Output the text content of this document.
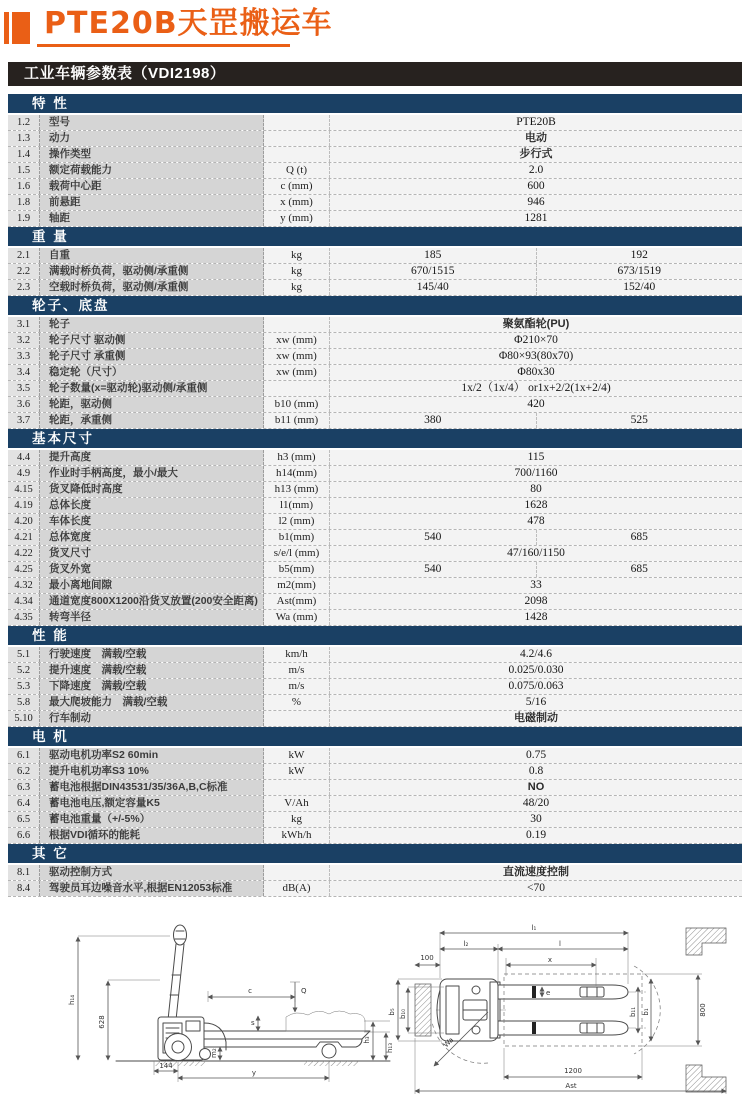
PTE20B天罡搬运车
工业车辆参数表（VDI2198）
特 性
1.2	型号	PTE20B
1.3	动力	电动
1.4	操作类型	步行式
1.5	额定荷载能力	Q (t)	2.0
1.6	载荷中心距	c (mm)	600
1.8	前悬距	x (mm)	946
1.9	轴距	y (mm)	1281
重 量
2.1	自重	kg	185	192
2.2	满载时桥负荷，驱动侧/承重侧	kg	670/1515	673/1519
2.3	空载时桥负荷，驱动侧/承重侧	kg	145/40	152/40
轮子、底盘
3.1	轮子	聚氨酯轮(PU)
3.2	轮子尺寸 驱动侧	xw (mm)	Φ210×70
3.3	轮子尺寸 承重侧	xw (mm)	Φ80×93(80x70)
3.4	稳定轮（尺寸）	xw (mm)	Φ80x30
3.5	轮子数量(x=驱动轮)驱动侧/承重侧	1x/2（1x/4） or1x+2/2(1x+2/4)
3.6	轮距，驱动侧	b10 (mm)	420
3.7	轮距，承重侧	b11 (mm)	380	525
基本尺寸
4.4	提升高度	h3 (mm)	115
4.9	作业时手柄高度，最小/最大	h14(mm)	700/1160
4.15	货叉降低时高度	h13 (mm)	80
4.19	总体长度	l1(mm)	1628
4.20	车体长度	l2 (mm)	478
4.21	总体宽度	b1(mm)	540	685
4.22	货叉尺寸	s/e/l (mm)	47/160/1150
4.25	货叉外宽	b5(mm)	540	685
4.32	最小离地间隙	m2(mm)	33
4.34	通道宽度800X1200沿货叉放置(200安全距离)	Ast(mm)	2098
4.35	转弯半径	Wa (mm)	1428
性 能
5.1	行驶速度　满载/空载	km/h	4.2/4.6
5.2	提升速度　满载/空载	m/s	0.025/0.030
5.3	下降速度　满载/空载	m/s	0.075/0.063
5.8	最大爬坡能力　满载/空载	%	5/16
5.10	行车制动	电磁制动
电 机
6.1	驱动电机功率S2 60min	kW	0.75
6.2	提升电机功率S3 10%	kW	0.8
6.3	蓄电池根据DIN43531/35/36A,B,C标准	NO
6.4	蓄电池电压,额定容量K5	V/Ah	48/20
6.5	蓄电池重量（+/-5%）	kg	30
6.6	根据VDI循环的能耗	kWh/h	0.19
其 它
8.1	驱动控制方式	直流速度控制
8.4	驾驶员耳边噪音水平,根据EN12053标准	dB(A)	<70
h₁₄
628
c	Q
s
m₂
144
y
h₃
h₁₃
e
Wa
l₁
l₂	l
x
100
b₅ b₁₀	b₁₁ b₁	800
1200
Ast
